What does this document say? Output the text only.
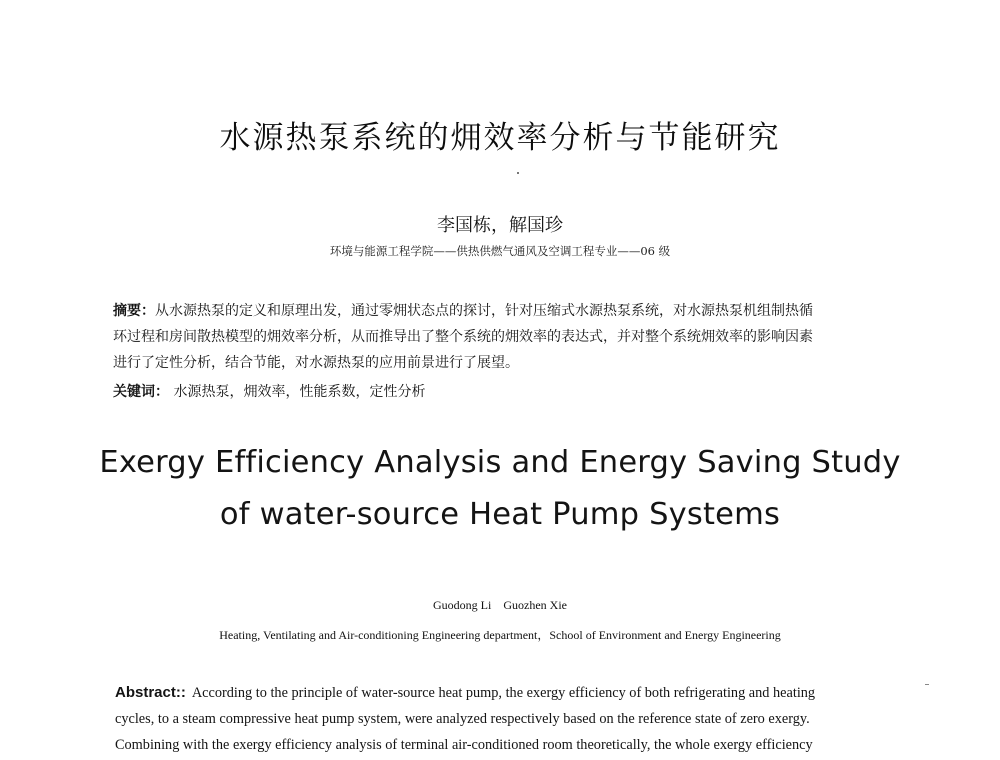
水源热泵系统的㶲效率分析与节能研究
李国栋，解国珍
环境与能源工程学院——供热供燃气通风及空调工程专业——06 级
摘要：从水源热泵的定义和原理出发，通过零㶲状态点的探讨，针对压缩式水源热泵系统，对水源热泵机组制热循
环过程和房间散热模型的㶲效率分析，从而推导出了整个系统的㶲效率的表达式，并对整个系统㶲效率的影响因素
进行了定性分析，结合节能，对水源热泵的应用前景进行了展望。
关键词： 水源热泵，㶲效率，性能系数，定性分析
Exergy Efficiency Analysis and Energy Saving Study
of water-source Heat Pump Systems
Guodong Li Guozhen Xie
Heating, Ventilating and Air-conditioning Engineering department，School of Environment and Energy Engineering
Abstract:: According to the principle of water-source heat pump, the exergy efficiency of both refrigerating and heating
cycles, to a steam compressive heat pump system, were analyzed respectively based on the reference state of zero exergy.
Combining with the exergy efficiency analysis of terminal air-conditioned room theoretically, the whole exergy efficiency
